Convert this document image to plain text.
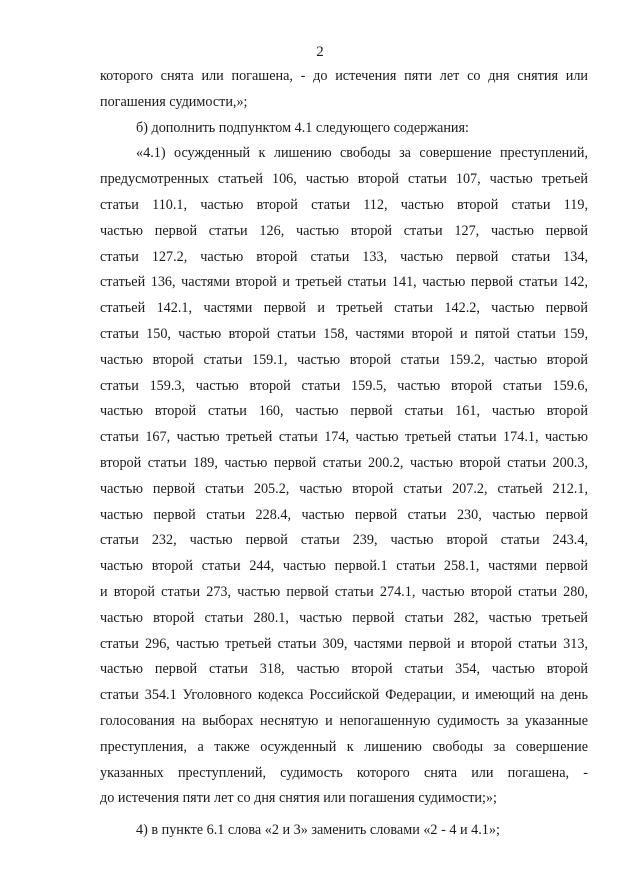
2
которого снята или погашена, - до истечения пяти лет со дня снятия или
погашения судимости,»;
б) дополнить подпунктом 4.1 следующего содержания:
«4.1) осужденный к лишению свободы за совершение преступлений,
предусмотренных статьей 106, частью второй статьи 107, частью третьей
статьи 110.1, частью второй статьи 112, частью второй статьи 119,
частью первой статьи 126, частью второй статьи 127, частью первой
статьи 127.2, частью второй статьи 133, частью первой статьи 134,
статьей 136, частями второй и третьей статьи 141, частью первой статьи 142,
статьей 142.1, частями первой и третьей статьи 142.2, частью первой
статьи 150, частью второй статьи 158, частями второй и пятой статьи 159,
частью второй статьи 159.1, частью второй статьи 159.2, частью второй
статьи 159.3, частью второй статьи 159.5, частью второй статьи 159.6,
частью второй статьи 160, частью первой статьи 161, частью второй
статьи 167, частью третьей статьи 174, частью третьей статьи 174.1, частью
второй статьи 189, частью первой статьи 200.2, частью второй статьи 200.3,
частью первой статьи 205.2, частью второй статьи 207.2, статьей 212.1,
частью первой статьи 228.4, частью первой статьи 230, частью первой
статьи 232, частью первой статьи 239, частью второй статьи 243.4,
частью второй статьи 244, частью первой.1 статьи 258.1, частями первой
и второй статьи 273, частью первой статьи 274.1, частью второй статьи 280,
частью второй статьи 280.1, частью первой статьи 282, частью третьей
статьи 296, частью третьей статьи 309, частями первой и второй статьи 313,
частью первой статьи 318, частью второй статьи 354, частью второй
статьи 354.1 Уголовного кодекса Российской Федерации, и имеющий на день
голосования на выборах неснятую и непогашенную судимость за указанные
преступления, а также осужденный к лишению свободы за совершение
указанных преступлений, судимость которого снята или погашена, -
до истечения пяти лет со дня снятия или погашения судимости;»;
4) в пункте 6.1 слова «2 и 3» заменить словами «2 - 4 и 4.1»;
